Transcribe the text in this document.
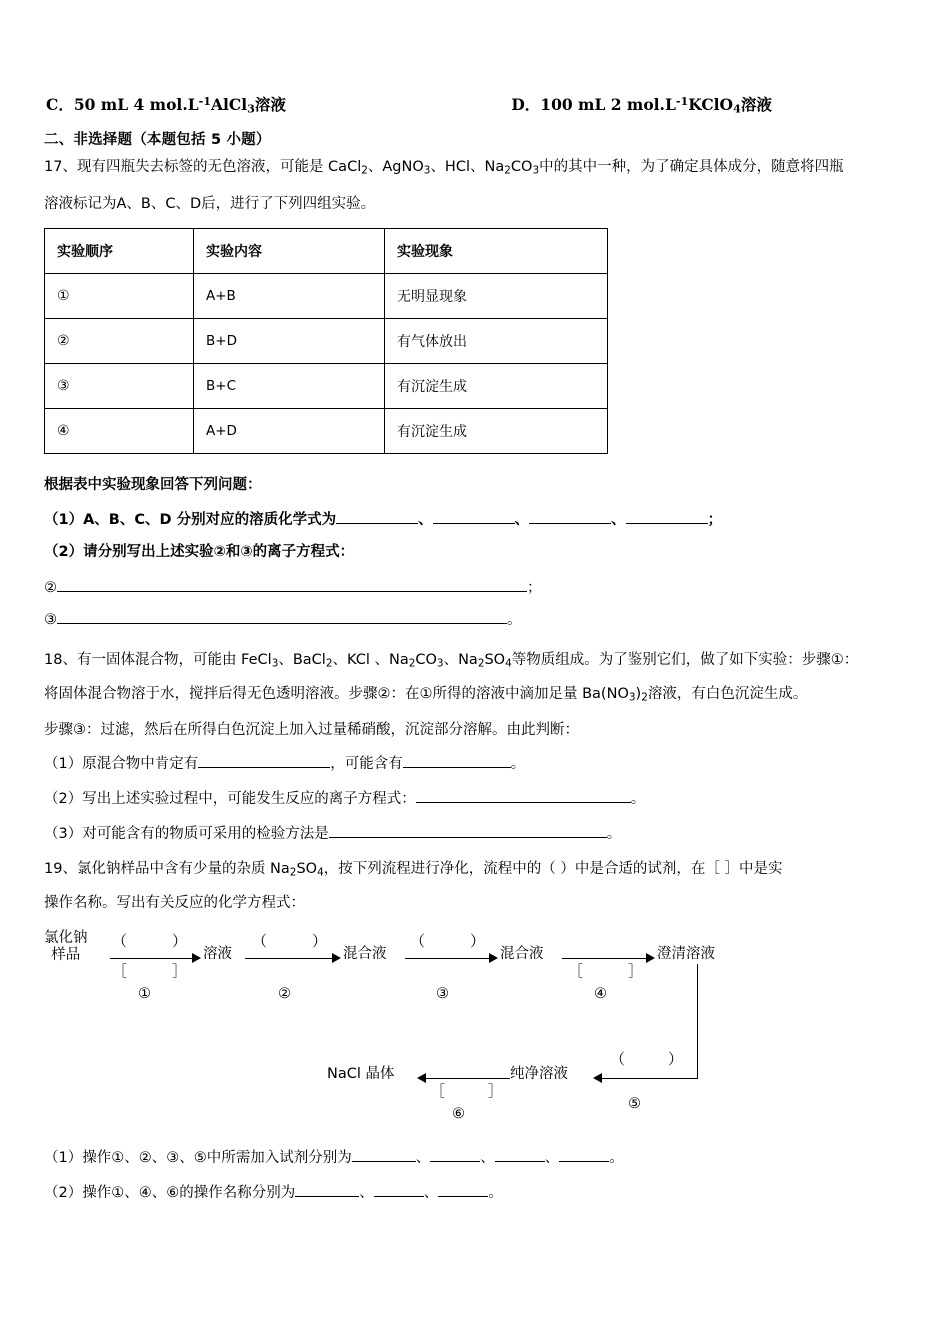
C．50 mL 4 $mol.L^{-1}AlCl_3$溶液	D．100 mL 2 $mol.L^{-1}KClO_4$溶液
二、非选择题（本题包括 5 小题）
17、现有四瓶失去标签的无色溶液，可能是 CaCl$_2$、AgNO$_3$、HCl、$Na_2CO_3$中的其中一种，为了确定具体成分，随意将四瓶
溶液标记为A、B、C、D后，进行了下列四组实验。
实验顺序	实验内容	实验现象
①	A+B	无明显现象
②	B+D	有气体放出
③	B+C	有沉淀生成
④	A+D	有沉淀生成
根据表中实验现象回答下列问题：
（1）A、B、C、D 分别对应的溶质化学式为	、	、	、	；
（2）请分别写出上述实验②和③的离子方程式：
②	；
③	。
18、有一固体混合物，可能由 FeCl$_3$、BaCl$_2$、KCl 、$Na_2CO_3$、$Na_2SO_4$等物质组成。为了鉴别它们，做了如下实验：步骤①：
将固体混合物溶于水，搅拌后得无色透明溶液。步骤②：在①所得的溶液中滴加足量 $Ba(NO_3)_2$溶液，有白色沉淀生成。
步骤③：过滤，然后在所得白色沉淀上加入过量稀硝酸，沉淀部分溶解。由此判断：
（1）原混合物中肯定有	，可能含有	。
（2）写出上述实验过程中，可能发生反应的离子方程式：	。
（3）对可能含有的物质可采用的检验方法是	。
19、氯化钠样品中含有少量的杂质 $Na_2SO_4$，按下列流程进行净化，流程中的（ ）中是合适的试剂，在［ ］中是实
操作名称。写出有关反应的化学方程式：
氯化钠
样品
（	）
［	］
①
溶液
（	）
②
混合液
（	）
③
混合液
［	］
④
澄清溶液
（	）
⑤
纯净溶液
［	］
⑥
NaCl 晶体
（1）操作①、②、③、⑤中所需加入试剂分别为	、	、	、	。
（2）操作①、④、⑥的操作名称分别为	、	、	。
